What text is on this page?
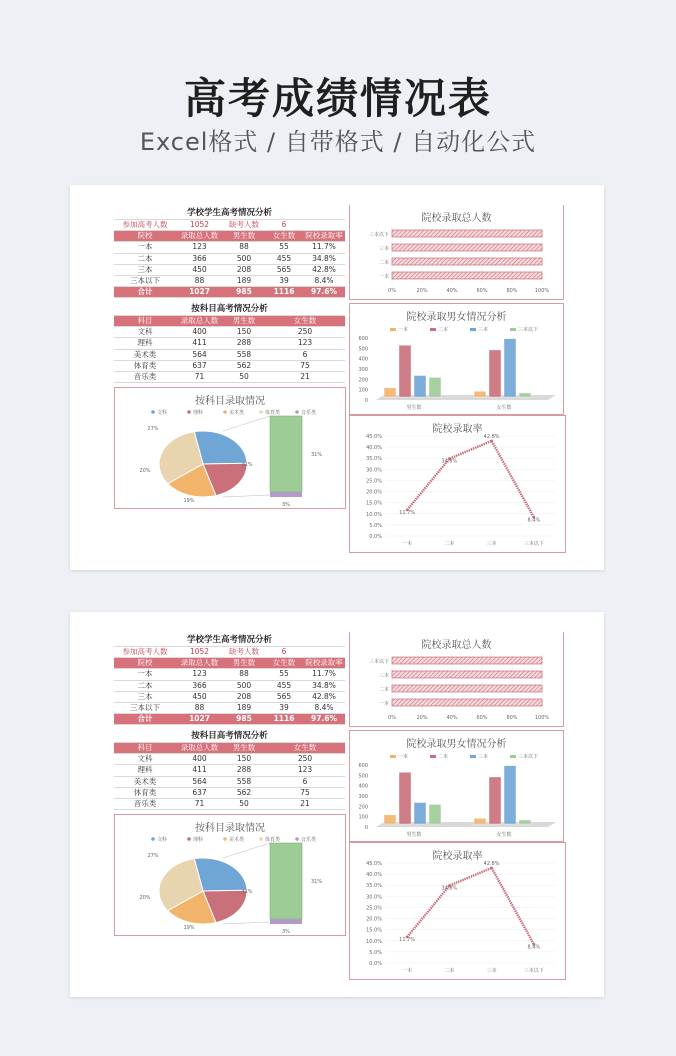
高考成绩情况表
Excel格式 / 自带格式 / 自动化公式
学校学生高考情况分析				
参加高考人数	1052	缺考人数	6	
院校	录取总人数	男生数	女生数	院校录取率
一本	123	88	55	11.7%
二本	366	500	455	34.8%
三本	450	208	565	42.8%
三本以下	88	189	39	8.4%
合计	1027	985	1116	97.6%
按科目高考情况分析			
科目	录取总人数	男生数	女生数
文科	400	150	250
理科	411	288	123
美术类	564	558	6
体育类	637	562	75
音乐类	71	50	21
按科目录取情况
文科	理科	美术类	体育类	音乐类
27%
20%
19%
31%
31%
3%
院校录取总人数
0%	20%	40%	60%	80%	100%
三本以下
三本
二本
一本
院校录取男女情况分析
一本	二本	三本	三本以下
0
100
200
300
400
500
600
男生数	女生数
院校录取率
0.0%
5.0%
10.0%
15.0%
20.0%
25.0%
30.0%
35.0%
40.0%
45.0%
11.7%
一本
34.8%
二本
42.8%
三本
8.4%
三本以下
学校学生高考情况分析				
参加高考人数	1052	缺考人数	6	
院校	录取总人数	男生数	女生数	院校录取率
一本	123	88	55	11.7%
二本	366	500	455	34.8%
三本	450	208	565	42.8%
三本以下	88	189	39	8.4%
合计	1027	985	1116	97.6%
按科目高考情况分析			
科目	录取总人数	男生数	女生数
文科	400	150	250
理科	411	288	123
美术类	564	558	6
体育类	637	562	75
音乐类	71	50	21
按科目录取情况
文科	理科	美术类	体育类	音乐类
27%
20%
19%
31%
31%
3%
院校录取总人数
0%	20%	40%	60%	80%	100%
三本以下
三本
二本
一本
院校录取男女情况分析
一本	二本	三本	三本以下
0
100
200
300
400
500
600
男生数	女生数
院校录取率
0.0%
5.0%
10.0%
15.0%
20.0%
25.0%
30.0%
35.0%
40.0%
45.0%
11.7%
一本
34.8%
二本
42.8%
三本
8.4%
三本以下
